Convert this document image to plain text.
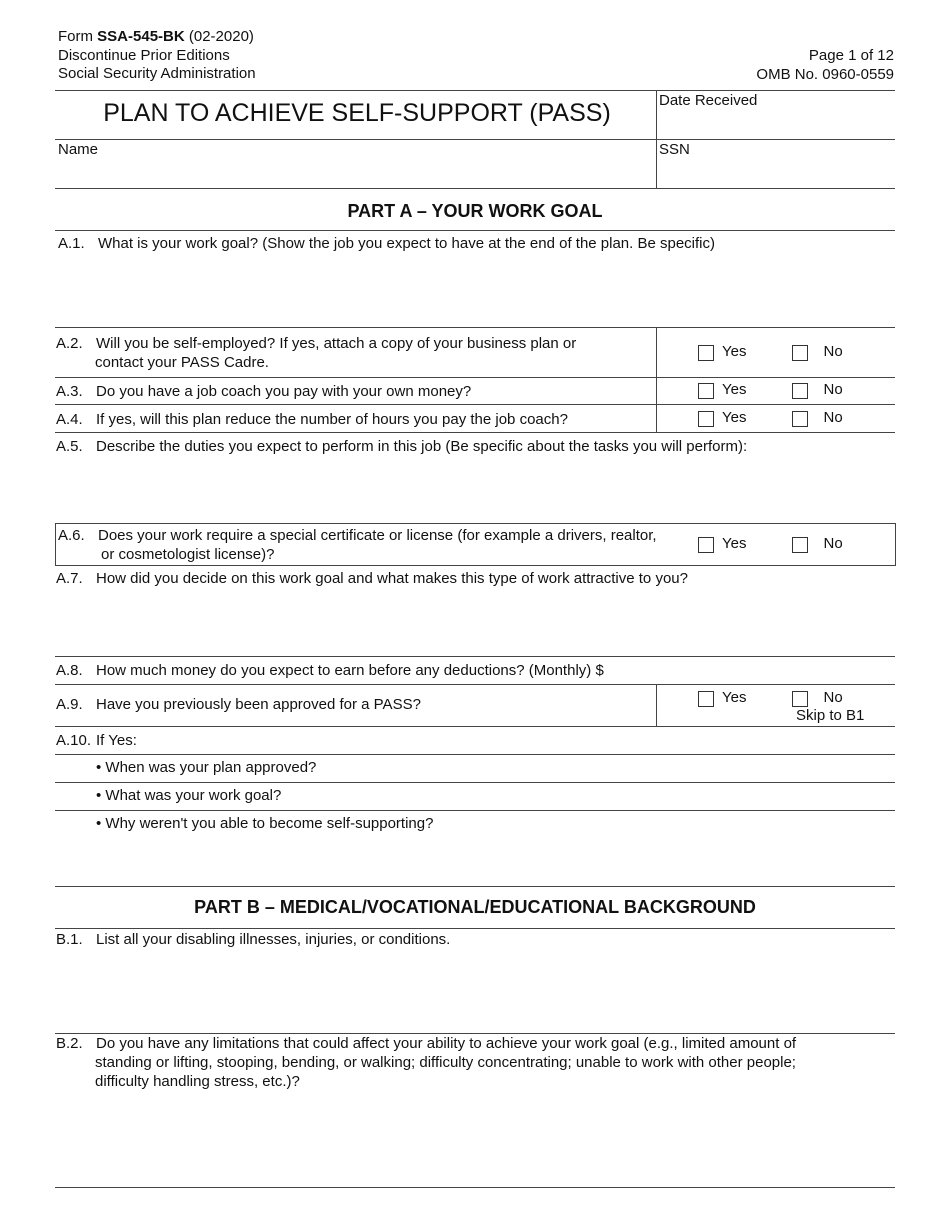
Form SSA-545-BK (02-2020)
Discontinue Prior Editions
Social Security Administration
Page 1 of 12
OMB No. 0960-0559
PLAN TO ACHIEVE SELF-SUPPORT (PASS)	Date Received
Name	SSN
PART A – YOUR WORK GOAL
A.1. What is your work goal? (Show the job you expect to have at the end of the plan. Be specific)
A.2. Will you be self-employed? If yes, attach a copy of your business plan or
contact your PASS Cadre.
Yes	No
A.3. Do you have a job coach you pay with your own money?	Yes	No
A.4. If yes, will this plan reduce the number of hours you pay the job coach?	Yes	No
A.5. Describe the duties you expect to perform in this job (Be specific about the tasks you will perform):
A.6. Does your work require a special certificate or license (for example a drivers, realtor,
or cosmetologist license)?
Yes	No
A.7. How did you decide on this work goal and what makes this type of work attractive to you?
A.8. How much money do you expect to earn before any deductions? (Monthly) $
A.9. Have you previously been approved for a PASS?	Yes	No
Skip to B1
A.10. If Yes:
• When was your plan approved?
• What was your work goal?
• Why weren't you able to become self-supporting?
PART B – MEDICAL/VOCATIONAL/EDUCATIONAL BACKGROUND
B.1. List all your disabling illnesses, injuries, or conditions.
B.2. Do you have any limitations that could affect your ability to achieve your work goal (e.g., limited amount of
standing or lifting, stooping, bending, or walking; difficulty concentrating; unable to work with other people;
difficulty handling stress, etc.)?
